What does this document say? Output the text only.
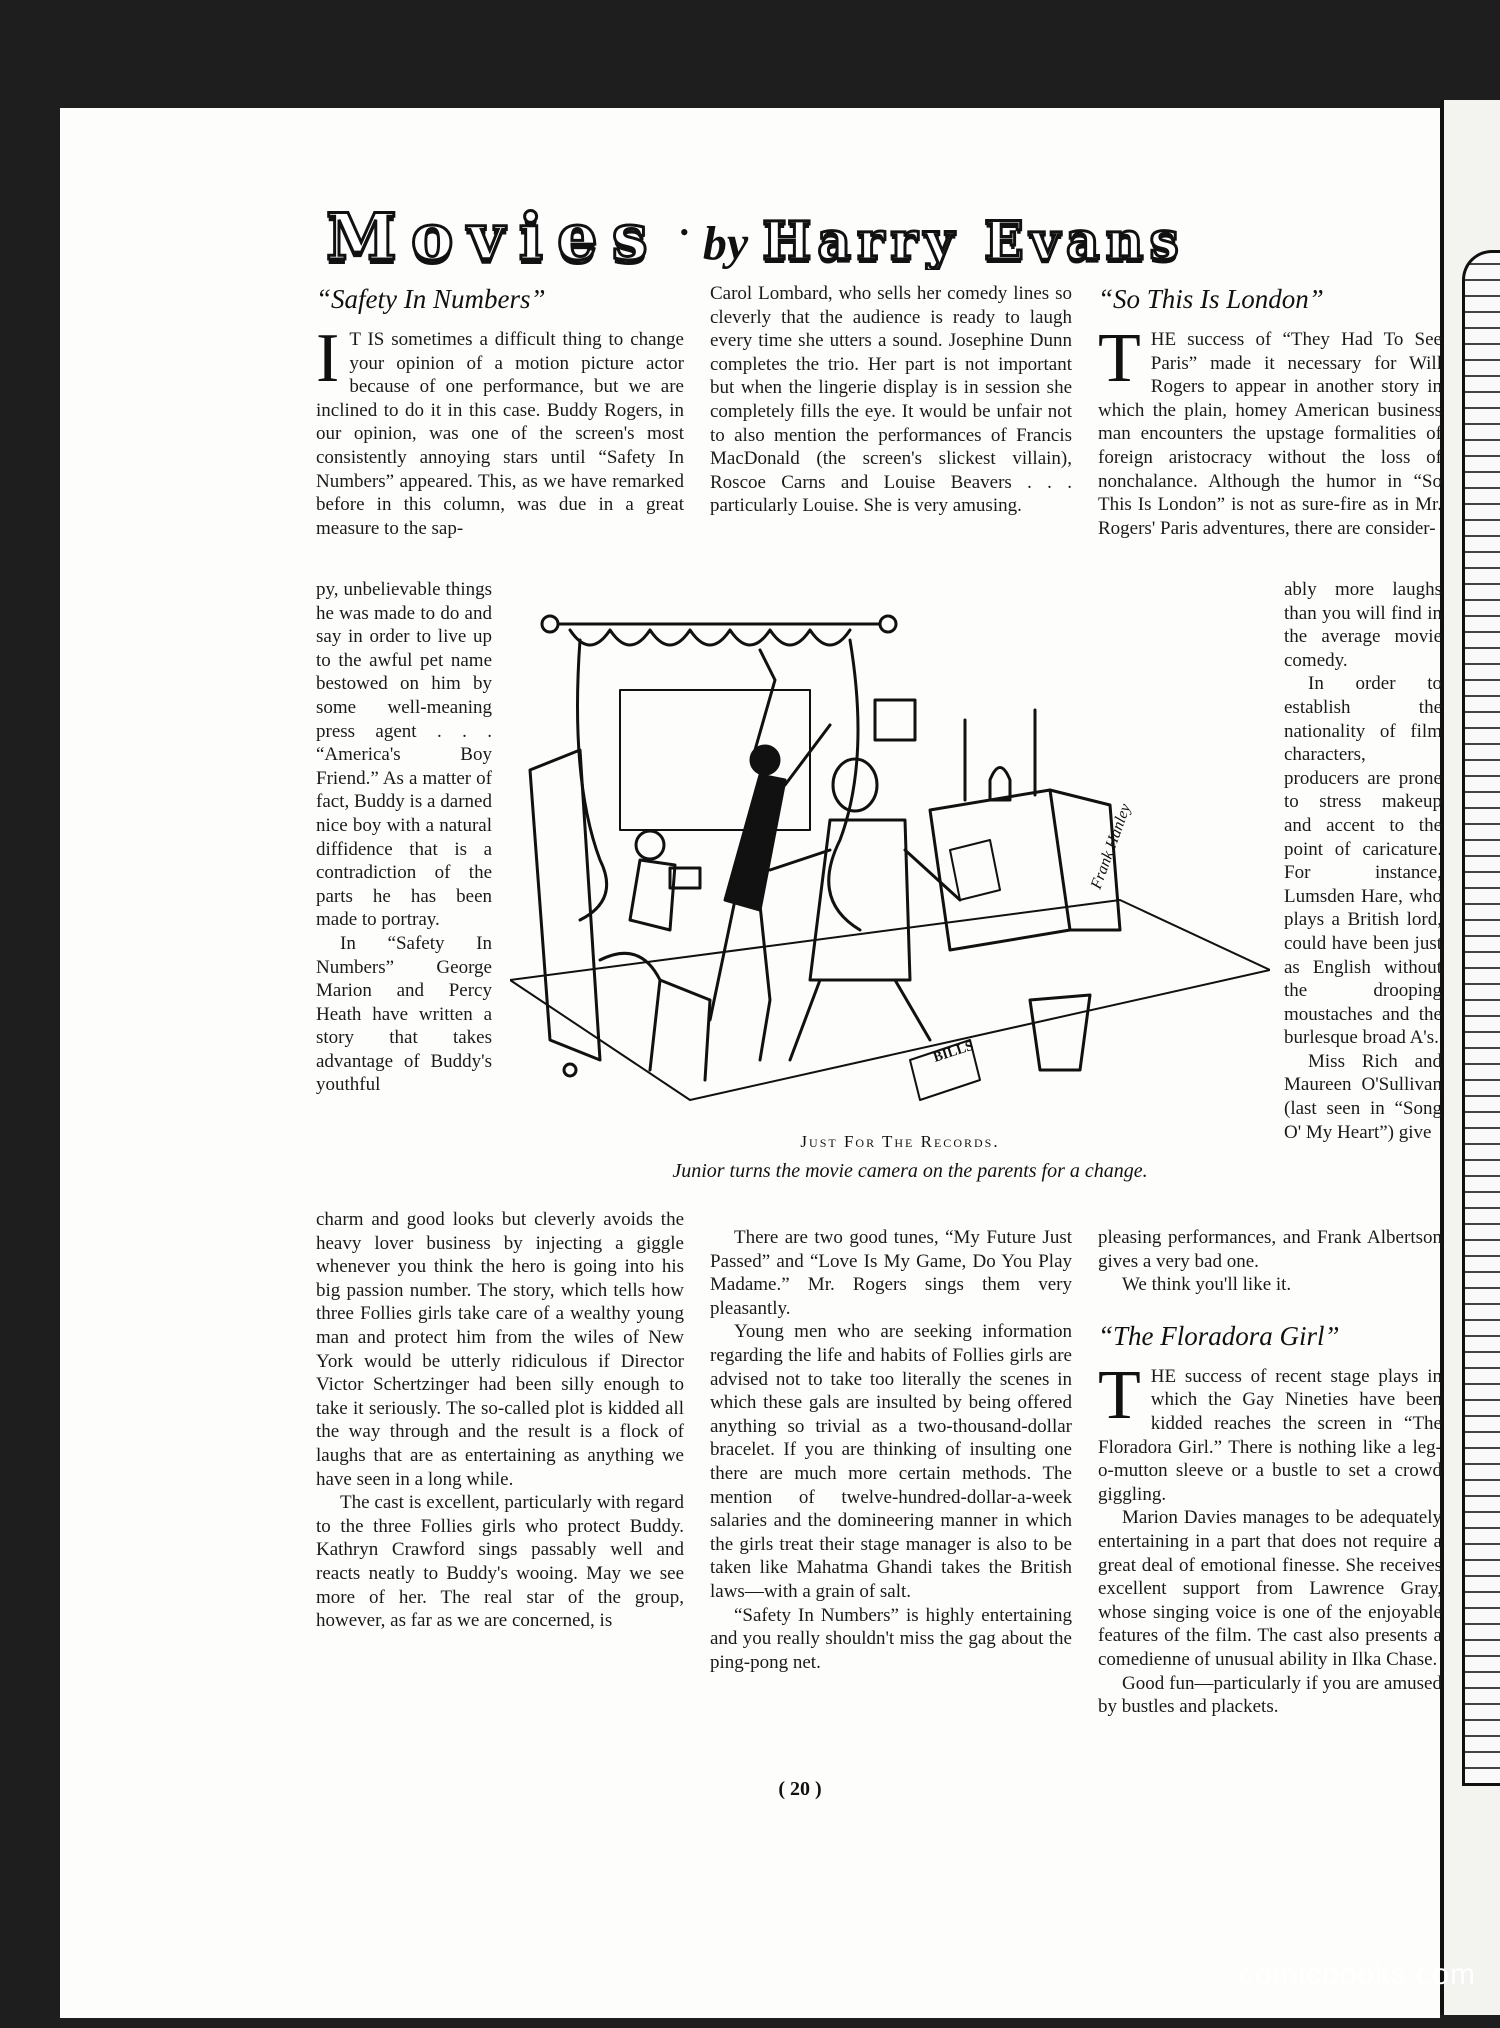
Movies • by Harry Evans
“Safety In Numbers”
I T IS sometimes a difficult thing to change your opinion of a motion picture actor because of one performance, but we are inclined to do it in this case. Buddy Rogers, in our opinion, was one of the screen's most consistently annoying stars until “Safety In Numbers” appeared. This, as we have remarked before in this column, was due in a great measure to the sap-

py, unbelievable things he was made to do and say in order to live up to the awful pet name bestowed on him by some well-meaning press agent . . . “America's Boy Friend.” As a matter of fact, Buddy is a darned nice boy with a natural diffidence that is a contradiction of the parts he has been made to portray.

In “Safety In Numbers” George Marion and Percy Heath have written a story that takes advantage of Buddy's youthful

charm and good looks but cleverly avoids the heavy lover business by injecting a giggle whenever you think the hero is going into his big passion number. The story, which tells how three Follies girls take care of a wealthy young man and protect him from the wiles of New York would be utterly ridiculous if Director Victor Schertzinger had been silly enough to take it seriously. The so-called plot is kidded all the way through and the result is a flock of laughs that are as entertaining as anything we have seen in a long while.

The cast is excellent, particularly with regard to the three Follies girls who protect Buddy. Kathryn Crawford sings passably well and reacts neatly to Buddy's wooing. May we see more of her. The real star of the group, however, as far as we are concerned, is

Carol Lombard, who sells her comedy lines so cleverly that the audience is ready to laugh every time she utters a sound. Josephine Dunn completes the trio. Her part is not important but when the lingerie display is in session she completely fills the eye. It would be unfair not to also mention the performances of Francis MacDonald (the screen's slickest villain), Roscoe Carns and Louise Beavers . . . particularly Louise. She is very amusing.

There are two good tunes, “My Future Just Passed” and “Love Is My Game, Do You Play Madame.” Mr. Rogers sings them very pleasantly.

Young men who are seeking information regarding the life and habits of Follies girls are advised not to take too literally the scenes in which these gals are insulted by being offered anything so trivial as a two-thousand-dollar bracelet. If you are thinking of insulting one there are much more certain methods. The mention of twelve-hundred-dollar-a-week salaries and the domineering manner in which the girls treat their stage manager is also to be taken like Mahatma Ghandi takes the British laws—with a grain of salt.

“Safety In Numbers” is highly entertaining and you really shouldn't miss the gag about the ping-pong net.

“So This Is London”
T HE success of “They Had To See Paris” made it necessary for Will Rogers to appear in another story in which the plain, homey American business man encounters the upstage formalities of foreign aristocracy without the loss of nonchalance. Although the humor in “So This Is London” is not as sure-fire as in Mr. Rogers' Paris adventures, there are consider-

ably more laughs than you will find in the average movie comedy.

In order to establish the nationality of film characters, producers are prone to stress makeup and accent to the point of caricature. For instance, Lumsden Hare, who plays a British lord, could have been just as English without the drooping moustaches and the burlesque broad A's.

Miss Rich and Maureen O'Sullivan (last seen in “Song O' My Heart”) give

pleasing performances, and Frank Albertson gives a very bad one.

We think you'll like it.

“The Floradora Girl”
T HE success of recent stage plays in which the Gay Nineties have been kidded reaches the screen in “The Floradora Girl.” There is nothing like a leg-o-mutton sleeve or a bustle to set a crowd giggling.

Marion Davies manages to be adequately entertaining in a part that does not require a great deal of emotional finesse. She receives excellent support from Lawrence Gray, whose singing voice is one of the enjoyable features of the film. The cast also presents a comedienne of unusual ability in Ilka Chase.

Good fun—particularly if you are amused by bustles and plackets.

BILLS
Frank Hanley
Just For The Records.
Junior turns the movie camera on the parents for a change.
( 20 )
comicbooks.com
